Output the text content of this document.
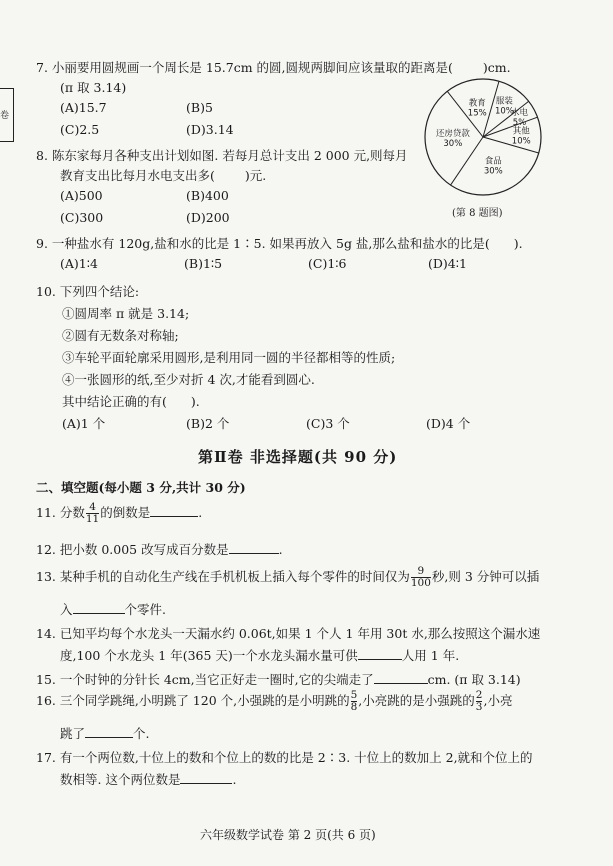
卷
7. 小丽要用圆规画一个周长是 15.7cm 的圆,圆规两脚间应该量取的距离是( )cm.
(π 取 3.14)
(A)15.7	(B)5
(C)2.5	(D)3.14
8. 陈东家每月各种支出计划如图. 若每月总计支出 2 000 元,则每月
教育支出比每月水电支出多( )元.
(A)500	(B)400
(C)300	(D)200
教育
15%
服装
10%
水电
5%
其他
10%
食品
30%
还房贷款
30%
(第 8 题图)
9. 一种盐水有 120g,盐和水的比是 1∶5. 如果再放入 5g 盐,那么盐和盐水的比是( ).
(A)1∶4	(B)1∶5	(C)1∶6	(D)4∶1
10. 下列四个结论:
①圆周率 π 就是 3.14;
②圆有无数条对称轴;
③车轮平面轮廓采用圆形,是利用同一圆的半径都相等的性质;
④一张圆形的纸,至少对折 4 次,才能看到圆心.
其中结论正确的有( ).
(A)1 个	(B)2 个	(C)3 个	(D)4 个
第Ⅱ卷 非选择题(共 90 分)
二、填空题(每小题 3 分,共计 30 分)
11. 分数 $\frac{4}{11}$ 的倒数是	.
12. 把小数 0.005 改写成百分数是	.
13. 某种手机的自动化生产线在手机机板上插入每个零件的时间仅为 $\frac{9}{100}$ 秒,则 3 分钟可以插
入	个零件.
14. 已知平均每个水龙头一天漏水约 0.06t,如果 1 个人 1 年用 30t 水,那么按照这个漏水速
度,100 个水龙头 1 年(365 天)一个水龙头漏水量可供	人用 1 年.
15. 一个时钟的分针长 4cm,当它正好走一圈时,它的尖端走了	cm. (π 取 3.14)
16. 三个同学跳绳,小明跳了 120 个,小强跳的是小明跳的 $\frac{5}{8}$ ,小亮跳的是小强跳的 $\frac{2}{3}$ ,小亮
跳了	个.
17. 有一个两位数,十位上的数和个位上的数的比是 2∶3. 十位上的数加上 2,就和个位上的
数相等. 这个两位数是	.
六年级数学试卷 第 2 页(共 6 页)
